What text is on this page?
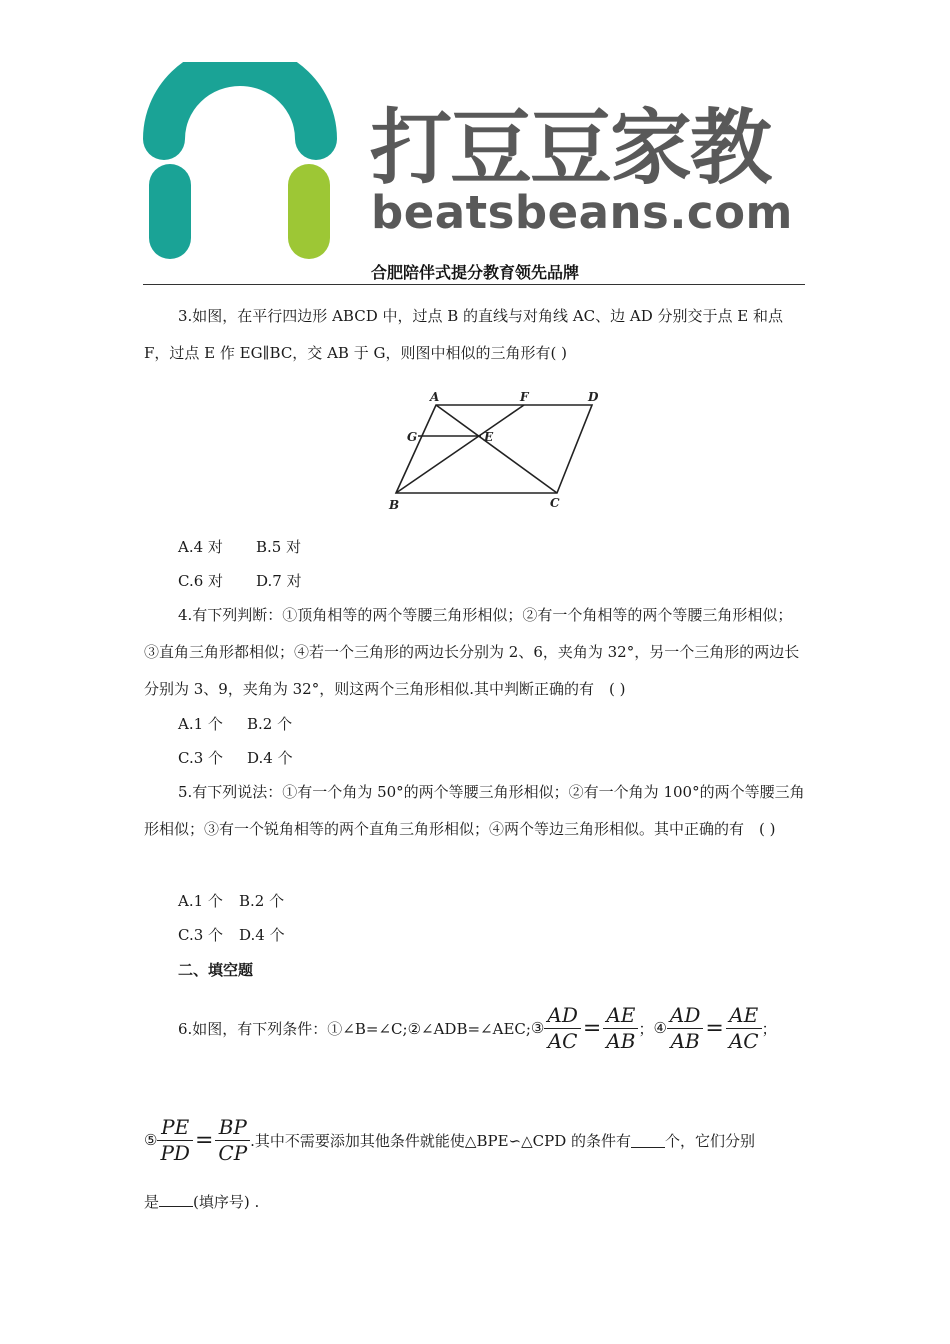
打豆豆家教
beatsbeans.com
合肥陪伴式提分教育领先品牌
3.如图，在平行四边形 ABCD 中，过点 B 的直线与对角线 AC、边 AD 分别交于点 E 和点 F，过点 E 作 EG∥BC，交 AB 于 G，则图中相似的三角形有( )
A	F	D
G	E
B	C
A.4 对 B.5 对
C.6 对 D.7 对
4.有下列判断：①顶角相等的两个等腰三角形相似；②有一个角相等的两个等腰三角形相似；③直角三角形都相似；④若一个三角形的两边长分别为 2、6，夹角为 32°，另一个三角形的两边长分别为 3、9，夹角为 32°，则这两个三角形相似.其中判断正确的有　( )
A.1 个 B.2 个
C.3 个 D.4 个
5.有下列说法：①有一个角为 50°的两个等腰三角形相似；②有一个角为 100°的两个等腰三角形相似；③有一个锐角相等的两个直角三角形相似；④两个等边三角形相似。其中正确的有　( )
A.1 个 B.2 个
C.3 个 D.4 个
二、填空题
6.如图，有下列条件：①∠B=∠C;②∠ADB=∠AEC; ③ $\frac{AD}{AC} = \frac{AE}{AB}$ ； ④ $\frac{AD}{AB} = \frac{AE}{AC}$ ；
⑤ $\frac{PE}{PD} = \frac{BP}{CP}$ .其中不需要添加其他条件就能使△BPE∽△CPD 的条件有 个，它们分别
是 (填序号) .
